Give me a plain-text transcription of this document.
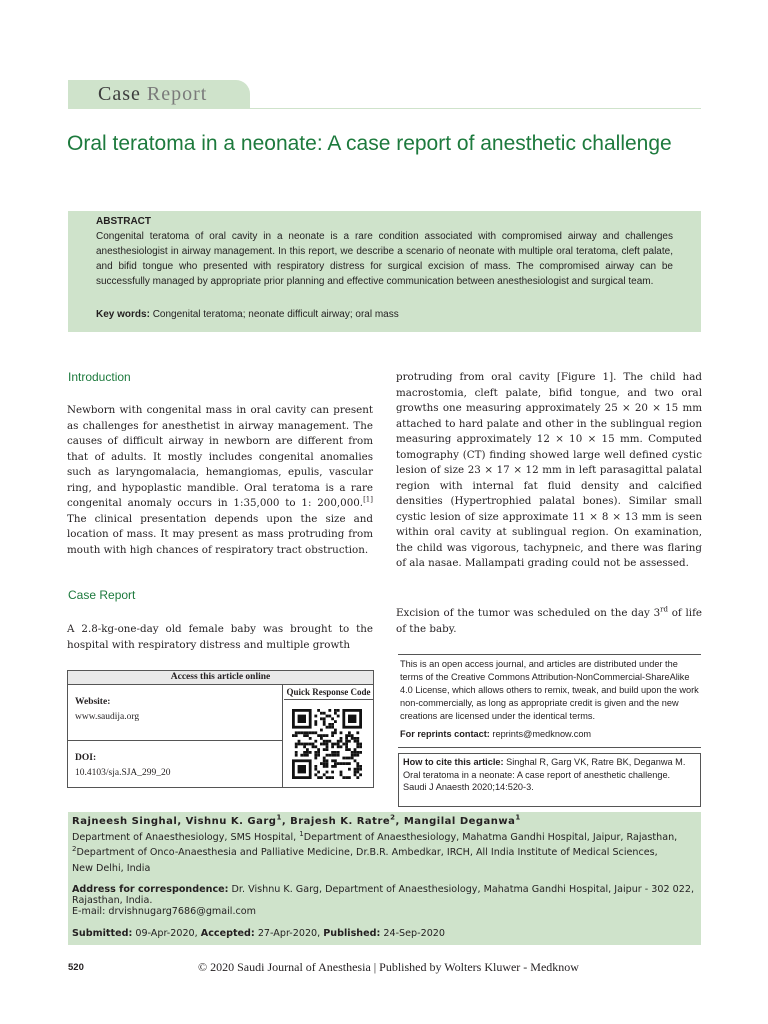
Case Report
Oral teratoma in a neonate: A case report of anesthetic challenge
ABSTRACT

Congenital teratoma of oral cavity in a neonate is a rare condition associated with compromised airway and challenges anesthesiologist in airway management. In this report, we describe a scenario of neonate with multiple oral teratoma, cleft palate, and bifid tongue who presented with respiratory distress for surgical excision of mass. The compromised airway can be successfully managed by appropriate prior planning and effective communication between anesthesiologist and surgical team.

Key words: Congenital teratoma; neonate difficult airway; oral mass

Introduction
Newborn with congenital mass in oral cavity can present as challenges for anesthetist in airway management. The causes of difficult airway in newborn are different from that of adults. It mostly includes congenital anomalies such as laryngomalacia, hemangiomas, epulis, vascular ring, and hypoplastic mandible. Oral teratoma is a rare congenital anomaly occurs in 1:35,000 to 1: 200,000.[1] The clinical presentation depends upon the size and location of mass. It may present as mass protruding from mouth with high chances of respiratory tract obstruction.
Case Report
A 2.8-kg-one-day old female baby was brought to the hospital with respiratory distress and multiple growth
Access this article online
Website:
www.saudija.org
DOI:
10.4103/sja.SJA_299_20
Quick Response Code
protruding from oral cavity [Figure 1]. The child had macrostomia, cleft palate, bifid tongue, and two oral growths one measuring approximately 25 × 20 × 15 mm attached to hard palate and other in the sublingual region measuring approximately 12 × 10 × 15 mm. Computed tomography (CT) finding showed large well defined cystic lesion of size 23 × 17 × 12 mm in left parasagittal palatal region with internal fat fluid density and calcified densities (Hypertrophied palatal bones). Similar small cystic lesion of size approximate 11 × 8 × 13 mm is seen within oral cavity at sublingual region. On examination, the child was vigorous, tachypneic, and there was flaring of ala nasae. Mallampati grading could not be assessed.
Excision of the tumor was scheduled on the day 3rd of life of the baby.

This is an open access journal, and articles are distributed under the terms of the Creative Commons Attribution-NonCommercial-ShareAlike 4.0 License, which allows others to remix, tweak, and build upon the work non-commercially, as long as appropriate credit is given and the new creations are licensed under the identical terms.

For reprints contact: reprints@medknow.com

How to cite this article: Singhal R, Garg VK, Ratre BK, Deganwa M. Oral teratoma in a neonate: A case report of anesthetic challenge. Saudi J Anaesth 2020;14:520-3.
Rajneesh Singhal, Vishnu K. Garg$^1$, Brajesh K. Ratre$^2$, Mangilal Deganwa$^1$
Department of Anaesthesiology, SMS Hospital, $^1$Department of Anaesthesiology, Mahatma Gandhi Hospital, Jaipur, Rajasthan,
$^2$Department of Onco-Anaesthesia and Palliative Medicine, Dr.B.R. Ambedkar, IRCH, All India Institute of Medical Sciences,
New Delhi, India
Address for correspondence: Dr. Vishnu K. Garg, Department of Anaesthesiology, Mahatma Gandhi Hospital, Jaipur - 302 022, Rajasthan, India.
E-mail: drvishnugarg7686@gmail.com
Submitted: 09-Apr-2020, Accepted: 27-Apr-2020, Published: 24-Sep-2020
520	© 2020 Saudi Journal of Anesthesia | Published by Wolters Kluwer - Medknow
